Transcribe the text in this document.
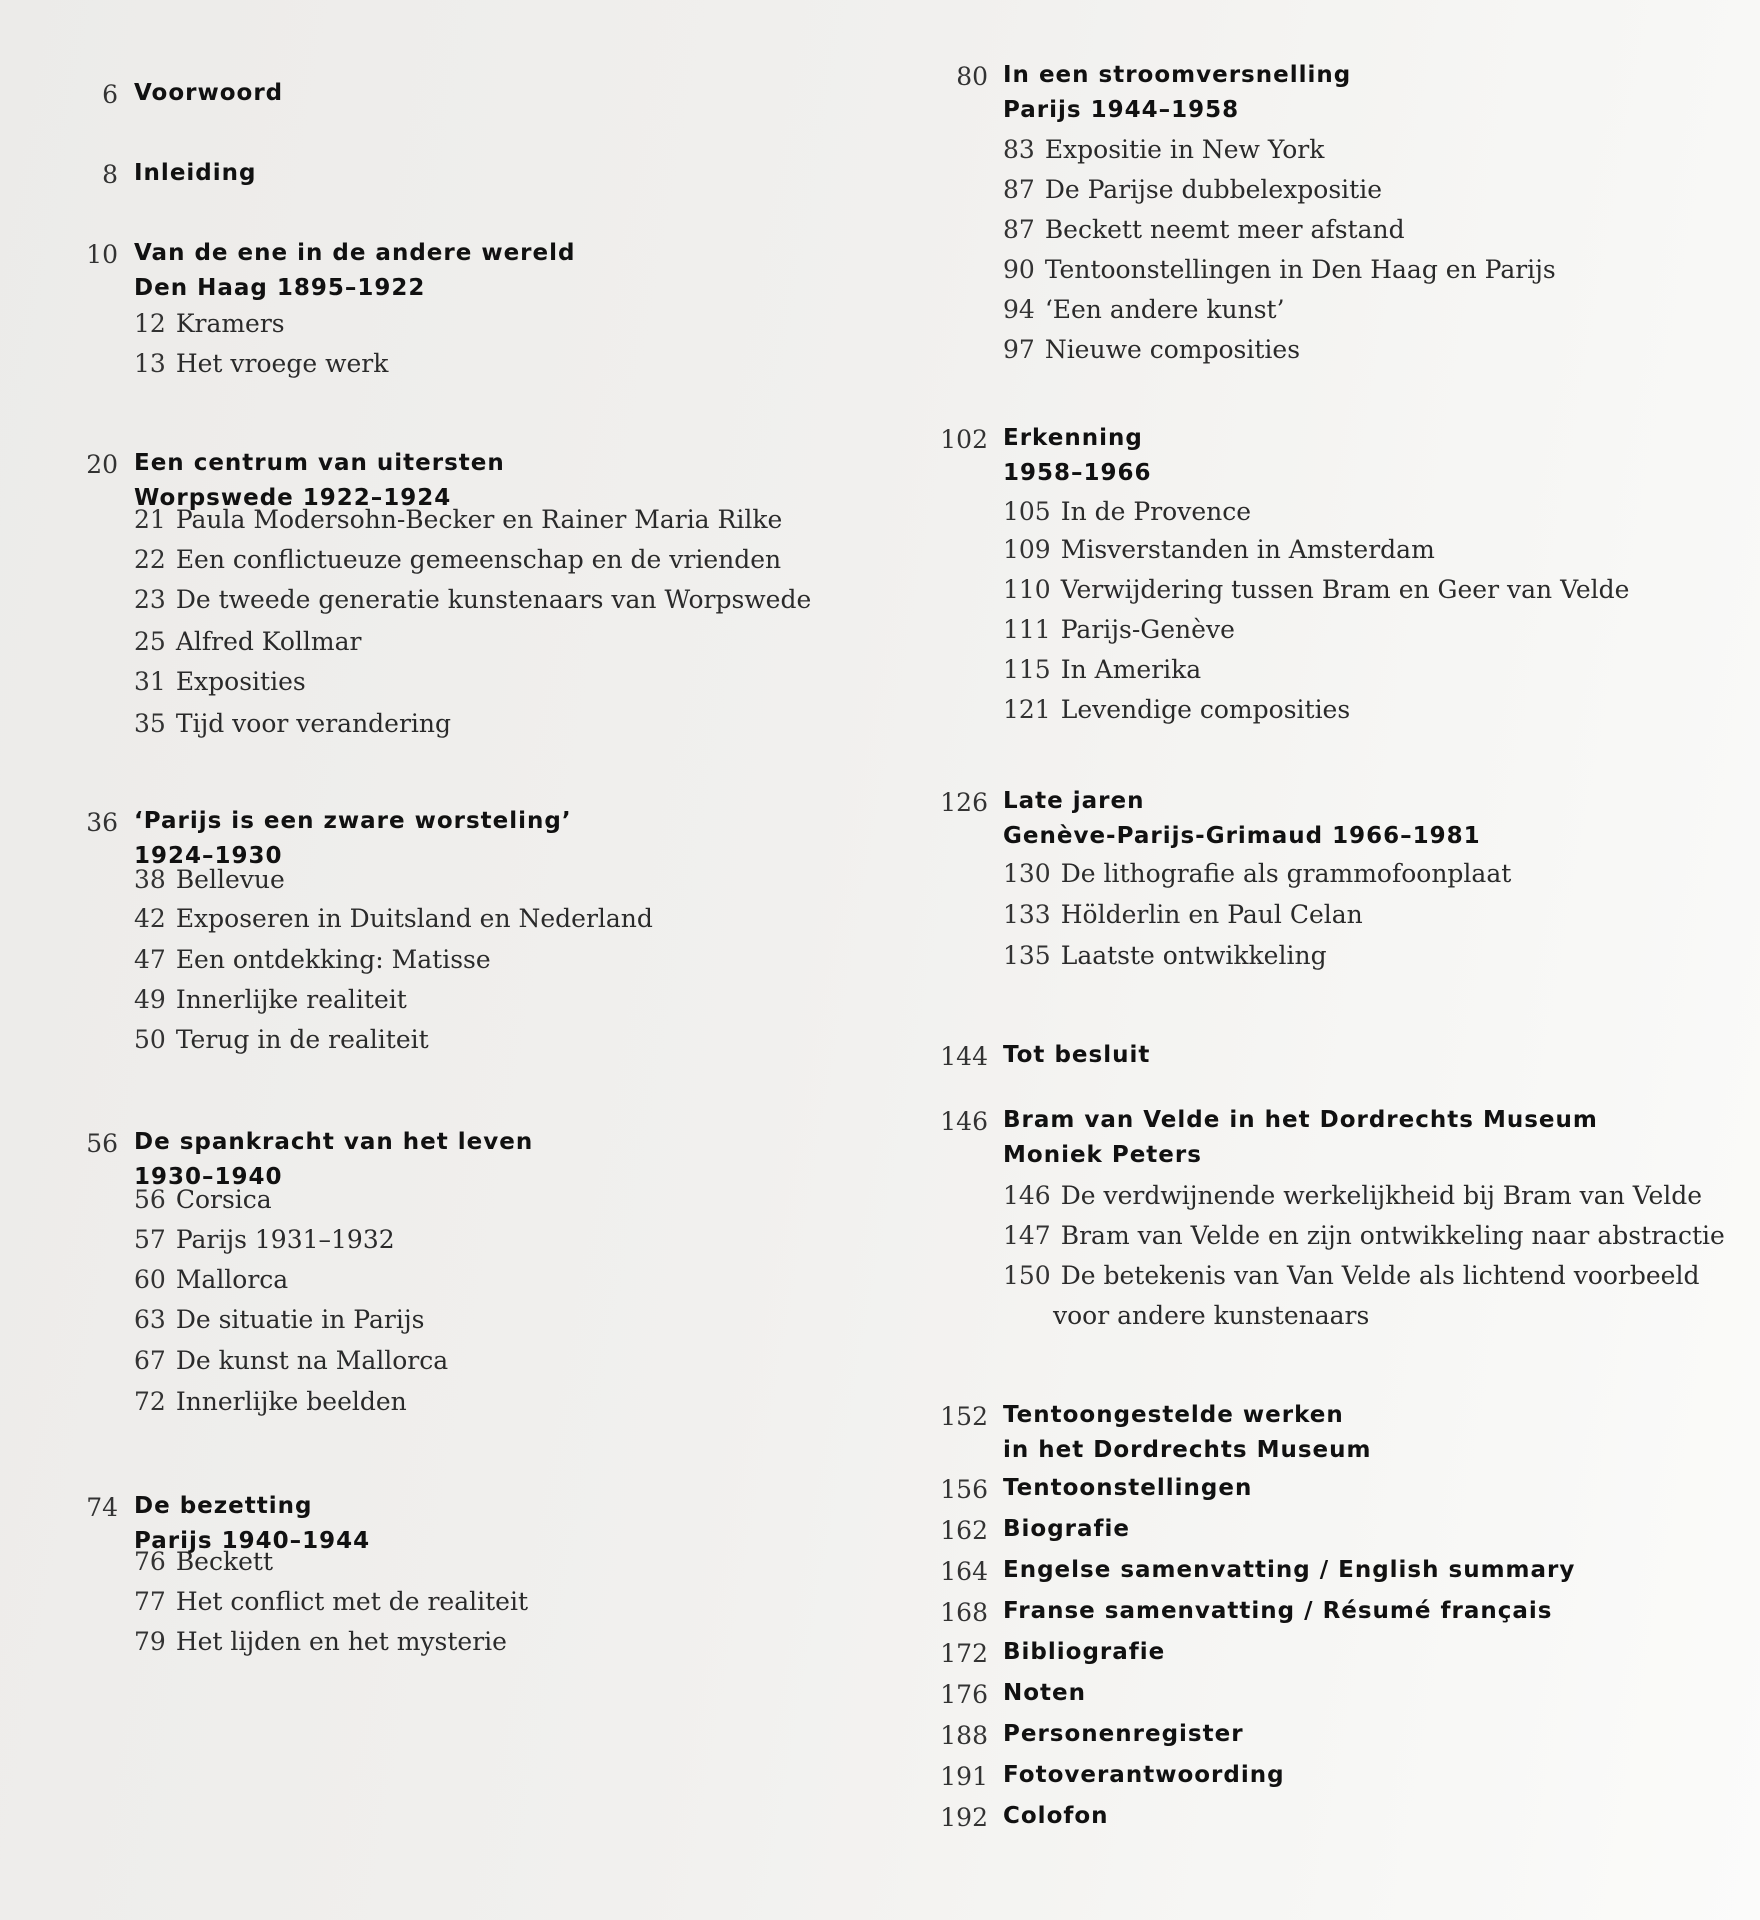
6 Voorwoord
8 Inleiding
10 Van de ene in de andere wereld
Den Haag 1895–1922
12 Kramers
13 Het vroege werk
20 Een centrum van uitersten
Worpswede 1922–1924
21 Paula Modersohn-Becker en Rainer Maria Rilke
22 Een conflictueuze gemeenschap en de vrienden
23 De tweede generatie kunstenaars van Worpswede
25 Alfred Kollmar
31 Exposities
35 Tijd voor verandering
36 ‘Parijs is een zware worsteling’
1924–1930
38 Bellevue
42 Exposeren in Duitsland en Nederland
47 Een ontdekking: Matisse
49 Innerlijke realiteit
50 Terug in de realiteit
56 De spankracht van het leven
1930–1940
56 Corsica
57 Parijs 1931–1932
60 Mallorca
63 De situatie in Parijs
67 De kunst na Mallorca
72 Innerlijke beelden
74 De bezetting
Parijs 1940–1944
76 Beckett
77 Het conflict met de realiteit
79 Het lijden en het mysterie
80 In een stroomversnelling
Parijs 1944–1958
83 Expositie in New York
87 De Parijse dubbelexpositie
87 Beckett neemt meer afstand
90 Tentoonstellingen in Den Haag en Parijs
94 ‘Een andere kunst’
97 Nieuwe composities
102 Erkenning
1958–1966
105 In de Provence
109 Misverstanden in Amsterdam
110 Verwijdering tussen Bram en Geer van Velde
111 Parijs-Genève
115 In Amerika
121 Levendige composities
126 Late jaren
Genève-Parijs-Grimaud 1966–1981
130 De lithografie als grammofoonplaat
133 Hölderlin en Paul Celan
135 Laatste ontwikkeling
144 Tot besluit
146 Bram van Velde in het Dordrechts Museum
Moniek Peters
146 De verdwijnende werkelijkheid bij Bram van Velde
147 Bram van Velde en zijn ontwikkeling naar abstractie
150 De betekenis van Van Velde als lichtend voorbeeld
voor andere kunstenaars
152 Tentoongestelde werken
in het Dordrechts Museum
156 Tentoonstellingen
162 Biografie
164 Engelse samenvatting / English summary
168 Franse samenvatting / Résumé français
172 Bibliografie
176 Noten
188 Personenregister
191 Fotoverantwoording
192 Colofon
